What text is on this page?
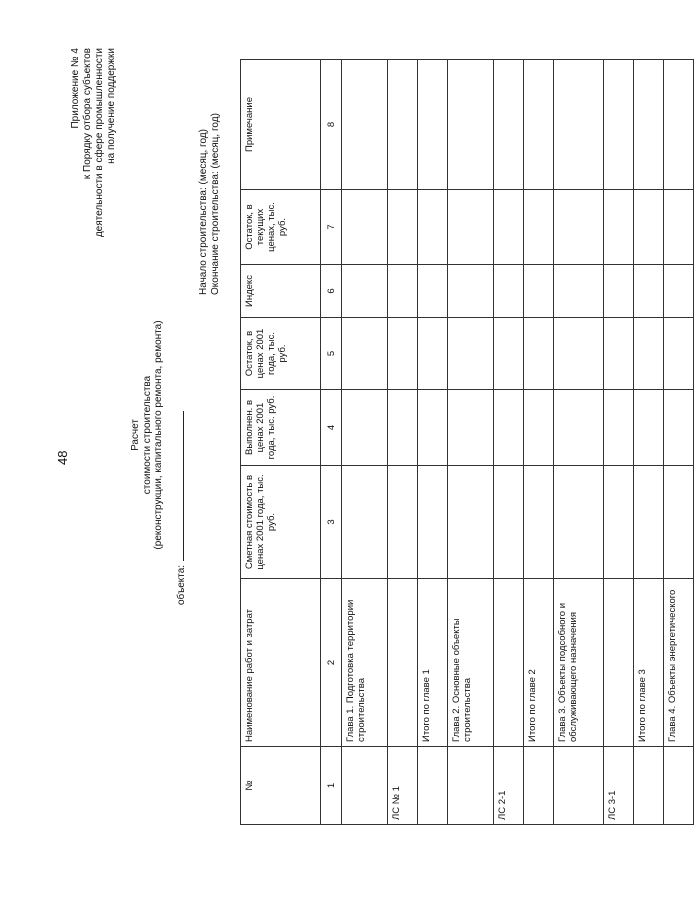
48
Приложение № 4 к Порядку отбора субъектов деятельности в сфере промышленности на получение поддержки
Расчет стоимости строительства (реконструкции, капитального ремонта, ремонта)
объекта:
Начало строительства: (месяц, год) Окончание строительства: (месяц, год)
№	Наименование работ и затрат	Сметная стоимость в ценах 2001 года, тыс. руб.	Выполнен. в ценах 2001 года, тыс. руб.	Остаток, в ценах 2001 года, тыс. руб.	Индекс	Остаток, в текущих ценах, тыс. руб.	Примечание
1	2	3	4	5	6	7	8
	Глава 1. Подготовка территории строительства						
ЛС № 1							
	Итого по главе 1						
	Глава 2. Основные объекты строительства						
ЛС 2-1							
	Итого по главе 2						
	Глава 3. Объекты подсобного и обслуживающего назначения						
ЛС 3-1							
	Итого по главе 3						
	Глава 4. Объекты энергетического						
